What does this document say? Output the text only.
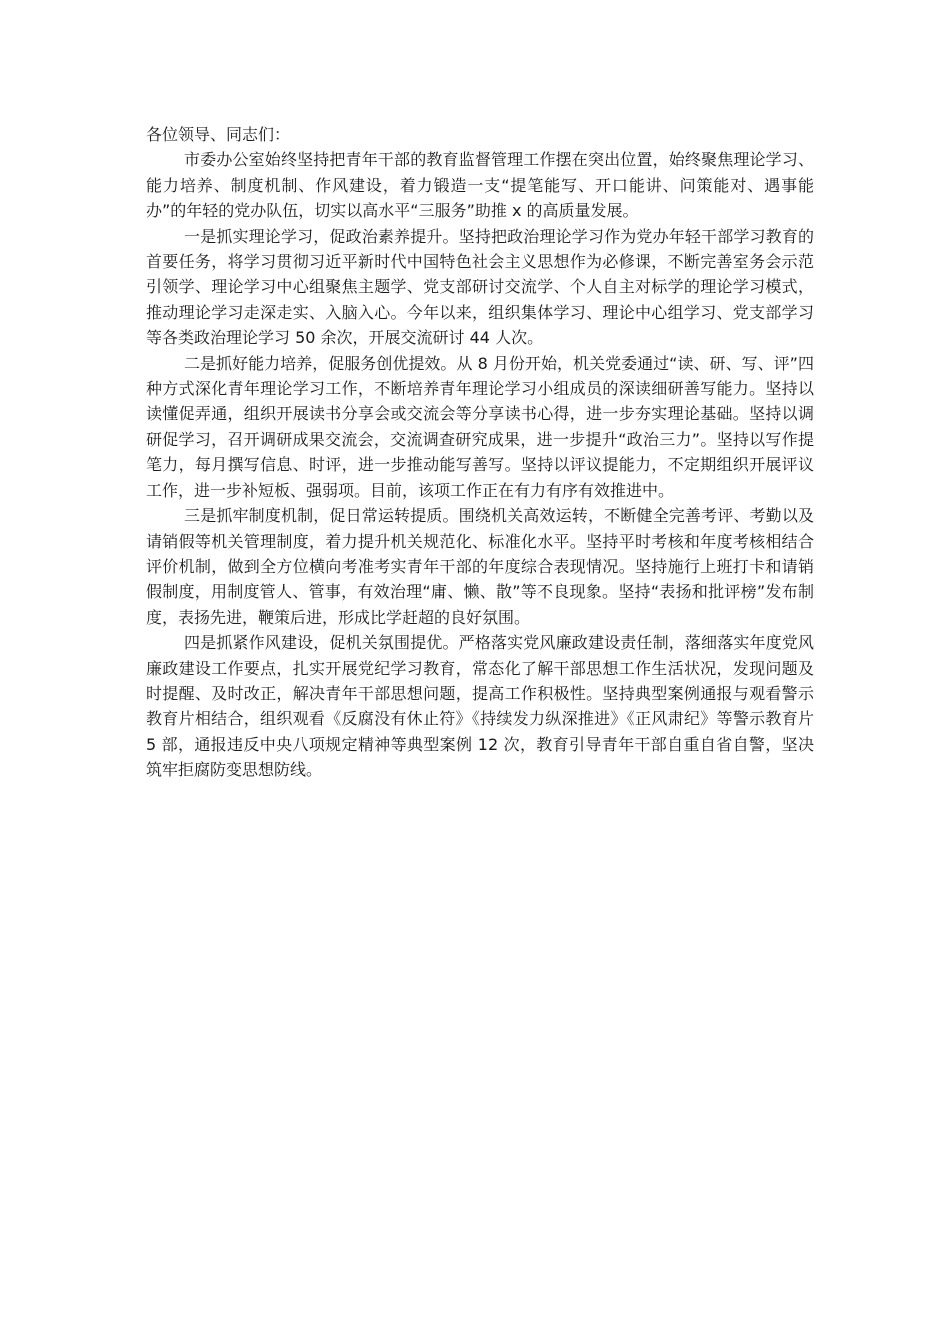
各位领导、同志们：

市委办公室始终坚持把青年干部的教育监督管理工作摆在突出位置，始终聚焦理论学习、能力培养、制度机制、作风建设，着力锻造一支“提笔能写、开口能讲、问策能对、遇事能办”的年轻的党办队伍，切实以高水平“三服务”助推 x 的高质量发展。

一是抓实理论学习，促政治素养提升。坚持把政治理论学习作为党办年轻干部学习教育的首要任务，将学习贯彻习近平新时代中国特色社会主义思想作为必修课，不断完善室务会示范引领学、理论学习中心组聚焦主题学、党支部研讨交流学、个人自主对标学的理论学习模式，推动理论学习走深走实、入脑入心。今年以来，组织集体学习、理论中心组学习、党支部学习等各类政治理论学习 50 余次，开展交流研讨 44 人次。

二是抓好能力培养，促服务创优提效。从 8 月份开始，机关党委通过“读、研、写、评”四种方式深化青年理论学习工作，不断培养青年理论学习小组成员的深读细研善写能力。坚持以读懂促弄通，组织开展读书分享会或交流会等分享读书心得，进一步夯实理论基础。坚持以调研促学习，召开调研成果交流会，交流调查研究成果，进一步提升“政治三力”。坚持以写作提笔力，每月撰写信息、时评，进一步推动能写善写。坚持以评议提能力，不定期组织开展评议工作，进一步补短板、强弱项。目前，该项工作正在有力有序有效推进中。

三是抓牢制度机制，促日常运转提质。围绕机关高效运转，不断健全完善考评、考勤以及请销假等机关管理制度，着力提升机关规范化、标准化水平。坚持平时考核和年度考核相结合评价机制，做到全方位横向考准考实青年干部的年度综合表现情况。坚持施行上班打卡和请销假制度，用制度管人、管事，有效治理“庸、懒、散”等不良现象。坚持“表扬和批评榜”发布制度，表扬先进，鞭策后进，形成比学赶超的良好氛围。

四是抓紧作风建设，促机关氛围提优。严格落实党风廉政建设责任制，落细落实年度党风廉政建设工作要点，扎实开展党纪学习教育，常态化了解干部思想工作生活状况，发现问题及时提醒、及时改正，解决青年干部思想问题，提高工作积极性。坚持典型案例通报与观看警示教育片相结合，组织观看《反腐没有休止符》《持续发力纵深推进》《正风肃纪》等警示教育片 5 部，通报违反中央八项规定精神等典型案例 12 次，教育引导青年干部自重自省自警，坚决筑牢拒腐防变思想防线。
